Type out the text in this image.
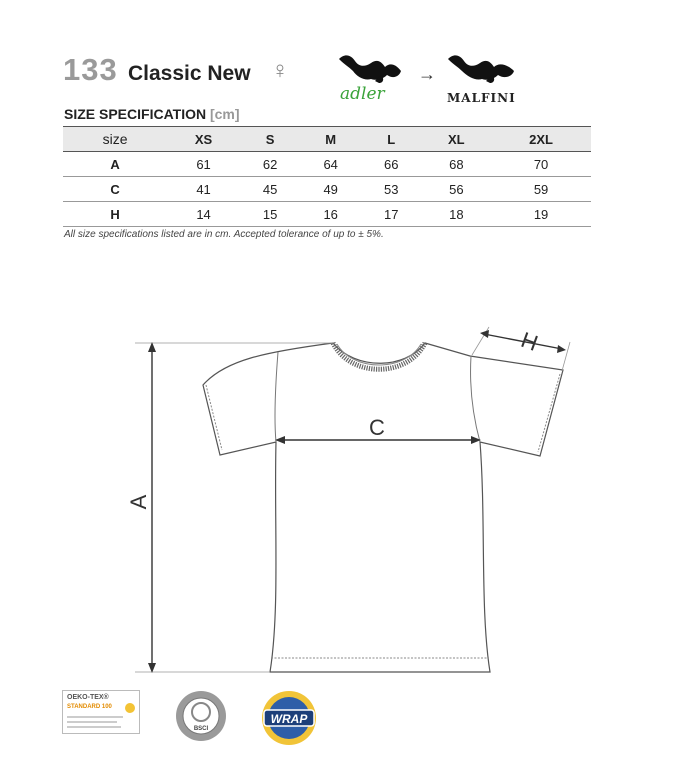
133 Classic New ♀
adler
→
MALFINI
SIZE SPECIFICATION [cm]
size	XS	S	M	L	XL	2XL
A	61	62	64	66	68	70
C	41	45	49	53	56	59
H	14	15	16	17	18	19
All size specifications listed are in cm. Accepted tolerance of up to ± 5%.
A
C
H
OEKO-TEX®
STANDARD 100
BSCI
WRAP
